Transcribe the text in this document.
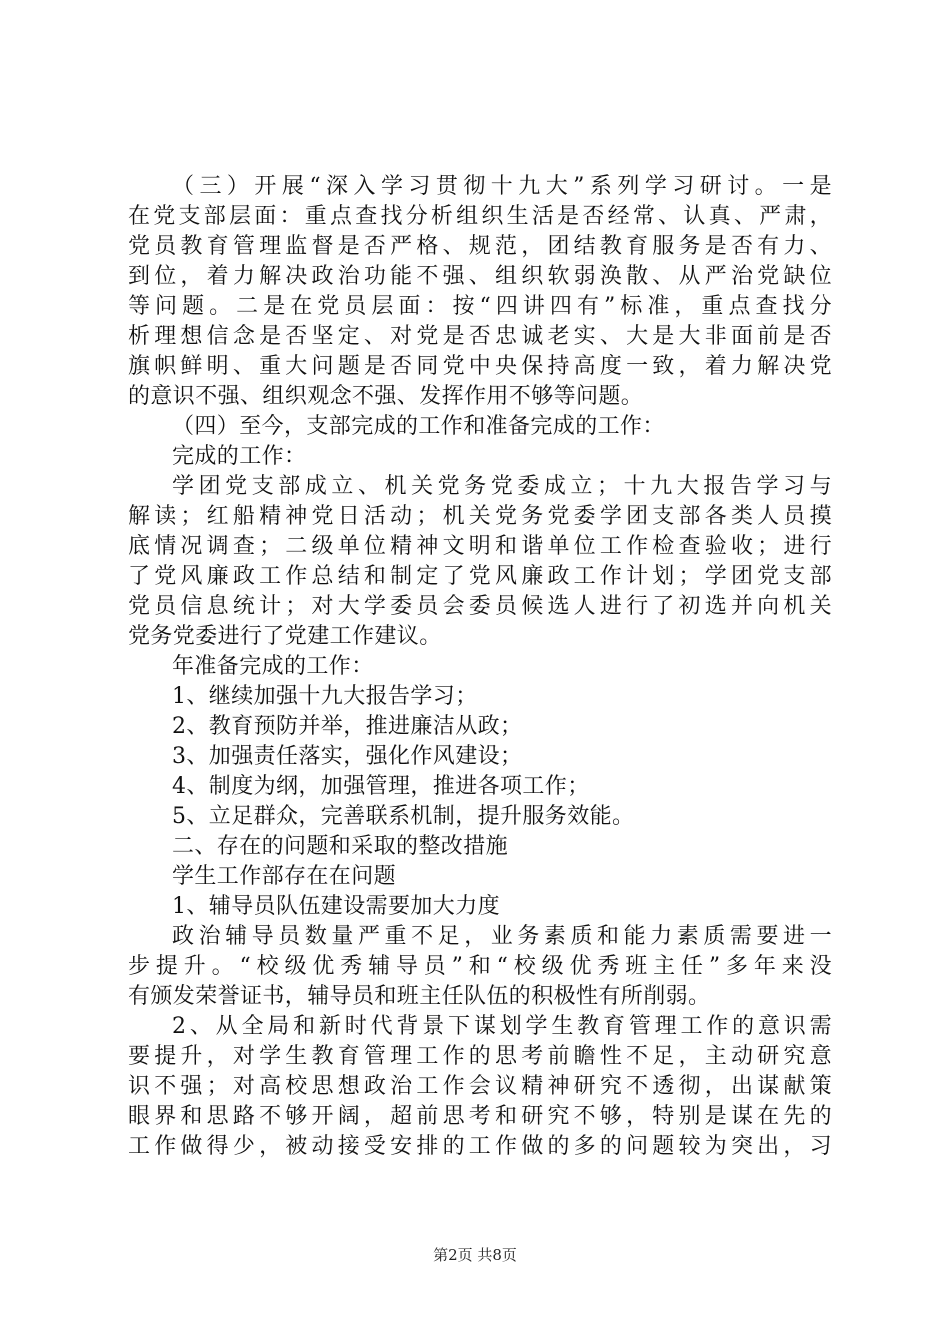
（三）开展“深入学习贯彻十九大”系列学习研讨。一是
在党支部层面：重点查找分析组织生活是否经常、认真、严肃，
党员教育管理监督是否严格、规范，团结教育服务是否有力、
到位，着力解决政治功能不强、组织软弱涣散、从严治党缺位
等问题。二是在党员层面：按“四讲四有”标准，重点查找分
析理想信念是否坚定、对党是否忠诚老实、大是大非面前是否
旗帜鲜明、重大问题是否同党中央保持高度一致，着力解决党
的意识不强、组织观念不强、发挥作用不够等问题。
（四）至今，支部完成的工作和准备完成的工作：
完成的工作：
学团党支部成立、机关党务党委成立；十九大报告学习与
解读；红船精神党日活动；机关党务党委学团支部各类人员摸
底情况调查；二级单位精神文明和谐单位工作检查验收；进行
了党风廉政工作总结和制定了党风廉政工作计划；学团党支部
党员信息统计；对大学委员会委员候选人进行了初选并向机关
党务党委进行了党建工作建议。
年准备完成的工作：
1、继续加强十九大报告学习；
2、教育预防并举，推进廉洁从政；
3、加强责任落实，强化作风建设；
4、制度为纲，加强管理，推进各项工作；
5、立足群众，完善联系机制，提升服务效能。
二、存在的问题和采取的整改措施
学生工作部存在在问题
1、辅导员队伍建设需要加大力度
政治辅导员数量严重不足，业务素质和能力素质需要进一
步提升。“校级优秀辅导员”和“校级优秀班主任”多年来没
有颁发荣誉证书，辅导员和班主任队伍的积极性有所削弱。
2、从全局和新时代背景下谋划学生教育管理工作的意识需
要提升，对学生教育管理工作的思考前瞻性不足，主动研究意
识不强；对高校思想政治工作会议精神研究不透彻，出谋献策
眼界和思路不够开阔，超前思考和研究不够，特别是谋在先的
工作做得少，被动接受安排的工作做的多的问题较为突出，习
第2页 共8页
